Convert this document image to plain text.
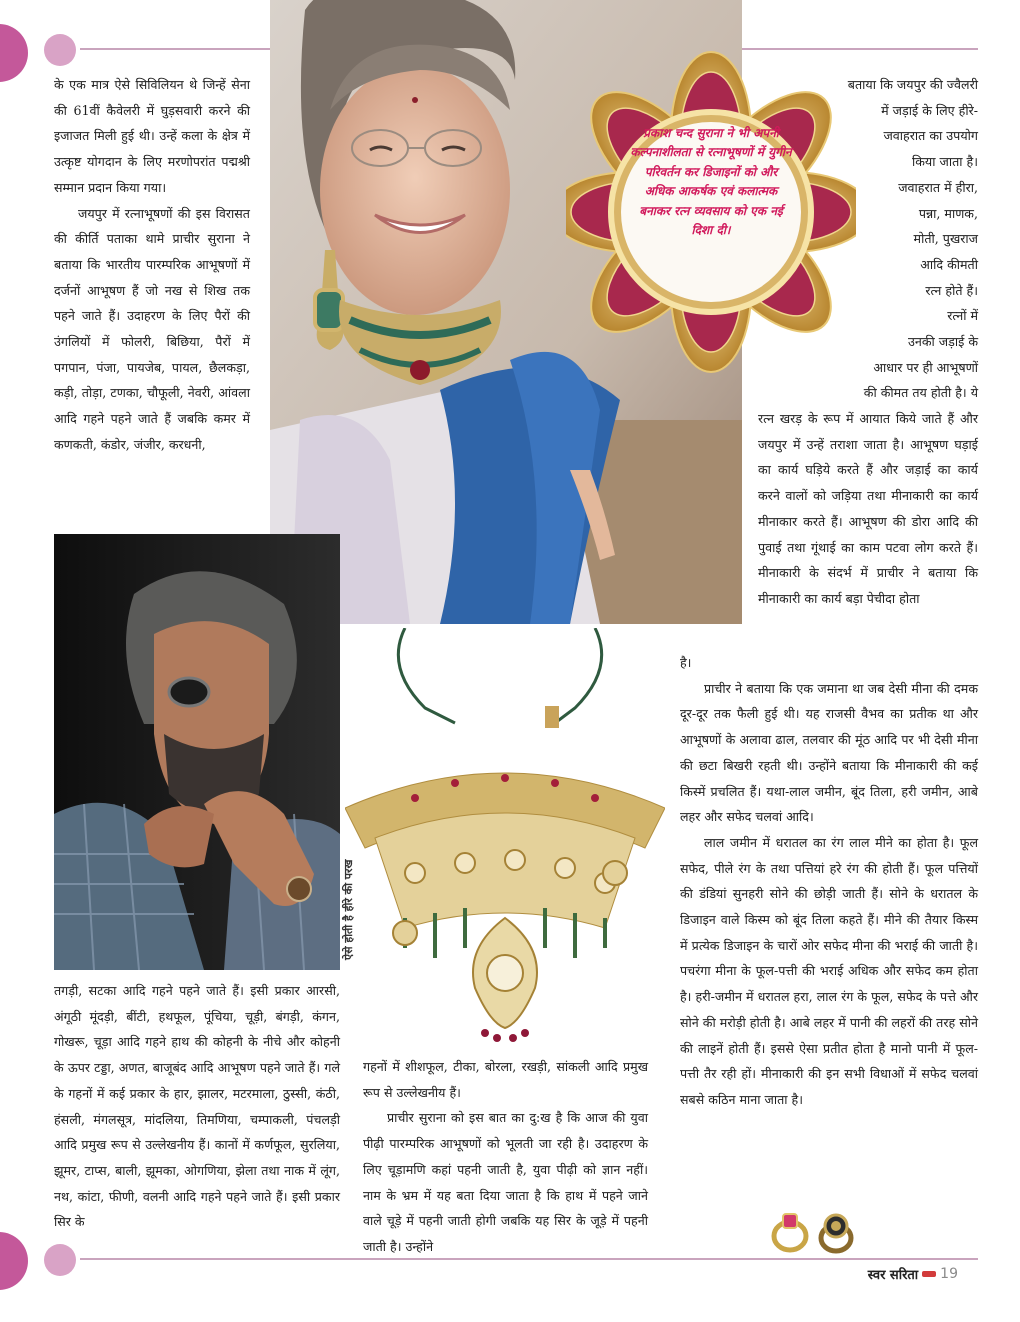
प्रकाश चन्द सुराना ने भी अपनी कल्पनाशीलता से रत्नाभूषणों में युगीन परिवर्तन कर डिजाइनों को और अधिक आकर्षक एवं कलात्मक बनाकर रत्न व्यवसाय को एक नई दिशा दी।
ऐसे होती है हीरे की परख

के एक मात्र ऐसे सिविलियन थे जिन्हें सेना की 61वीं कैवेलरी में घुड़सवारी करने की इजाजत मिली हुई थी। उन्हें कला के क्षेत्र में उत्कृष्ट योगदान के लिए मरणोपरांत पद्मश्री सम्मान प्रदान किया गया।

जयपुर में रत्नाभूषणों की इस विरासत की कीर्ति पताका थामे प्राचीर सुराना ने बताया कि भारतीय पारम्परिक आभूषणों में दर्जनों आभूषण हैं जो नख से शिख तक पहने जाते हैं। उदाहरण के लिए पैरों की उंगलियों में फोलरी, बिछिया, पैरों में पगपान, पंजा, पायजेब, पायल, छैलकड़ा, कड़ी, तोड़ा, टणका, चौफूली, नेवरी, आंवला आदि गहने पहने जाते हैं जबकि कमर में कणकती, कंडोर, जंजीर, करधनी,

तगड़ी, सटका आदि गहने पहने जाते हैं। इसी प्रकार आरसी, अंगूठी मूंदड़ी, बींटी, हथफूल, पूंचिया, चूड़ी, बंगड़ी, कंगन, गोखरू, चूड़ा आदि गहने हाथ की कोहनी के नीचे और कोहनी के ऊपर टड्डा, अणत, बाजूबंद आदि आभूषण पहने जाते हैं। गले के गहनों में कई प्रकार के हार, झालर, मटरमाला, ठुस्सी, कंठी, हंसली, मंगलसूत्र, मांदलिया, तिमणिया, चम्पाकली, पंचलड़ी आदि प्रमुख रूप से उल्लेखनीय हैं। कानों में कर्णफूल, सुरलिया, झूमर, टाप्स, बाली, झूमका, ओगणिया, झेला तथा नाक में लूंग, नथ, कांटा, फीणी, वलनी आदि गहने पहने जाते हैं। इसी प्रकार सिर के

गहनों में शीशफूल, टीका, बोरला, रखड़ी, सांकली आदि प्रमुख रूप से उल्लेखनीय हैं।

प्राचीर सुराना को इस बात का दु:ख है कि आज की युवा पीढ़ी पारम्परिक आभूषणों को भूलती जा रही है। उदाहरण के लिए चूड़ामणि कहां पहनी जाती है, युवा पीढ़ी को ज्ञान नहीं। नाम के भ्रम में यह बता दिया जाता है कि हाथ में पहने जाने वाले चूड़े में पहनी जाती होगी जबकि यह सिर के जूड़े में पहनी जाती है। उन्होंने

बताया कि जयपुर की ज्वैलरी
में जड़ाई के लिए हीरे-
जवाहरात का उपयोग
किया जाता है।
जवाहरात में हीरा,
पन्ना, माणक,
मोती, पुखराज
आदि कीमती
रत्न होते हैं।
रत्नों में
उनकी जड़ाई के
आधार पर ही आभूषणों
की कीमत तय होती है। ये

रत्न खरड़ के रूप में आयात किये जाते हैं और जयपुर में उन्हें तराशा जाता है। आभूषण घड़ाई का कार्य घड़िये करते हैं और जड़ाई का कार्य करने वालों को जड़िया तथा मीनाकारी का कार्य मीनाकार करते हैं। आभूषण की डोरा आदि की पुवाई तथा गूंथाई का काम पटवा लोग करते हैं। मीनाकारी के संदर्भ में प्राचीर ने बताया कि मीनाकारी का कार्य बड़ा पेचीदा होता

है।

प्राचीर ने बताया कि एक जमाना था जब देसी मीना की दमक दूर-दूर तक फैली हुई थी। यह राजसी वैभव का प्रतीक था और आभूषणों के अलावा ढाल, तलवार की मूंठ आदि पर भी देसी मीना की छटा बिखरी रहती थी। उन्होंने बताया कि मीनाकारी की कई किस्में प्रचलित हैं। यथा-लाल जमीन, बूंद तिला, हरी जमीन, आबे लहर और सफेद चलवां आदि।

लाल जमीन में धरातल का रंग लाल मीने का होता है। फूल सफेद, पीले रंग के तथा पत्तियां हरे रंग की होती हैं। फूल पत्तियों की डंडियां सुनहरी सोने की छोड़ी जाती हैं। सोने के धरातल के डिजाइन वाले किस्म को बूंद तिला कहते हैं। मीने की तैयार किस्म में प्रत्येक डिजाइन के चारों ओर सफेद मीना की भराई की जाती है। पचरंगा मीना के फूल-पत्ती की भराई अधिक और सफेद कम होता है। हरी-जमीन में धरातल हरा, लाल रंग के फूल, सफेद के पत्ते और सोने की मरोड़ी होती है। आबे लहर में पानी की लहरों की तरह सोने की लाइनें होती हैं। इससे ऐसा प्रतीत होता है मानो पानी में फूल-पत्ती तैर रही हों। मीनाकारी की इन सभी विधाओं में सफेद चलवां सबसे कठिन माना जाता है।

स्वर सरिता 19
